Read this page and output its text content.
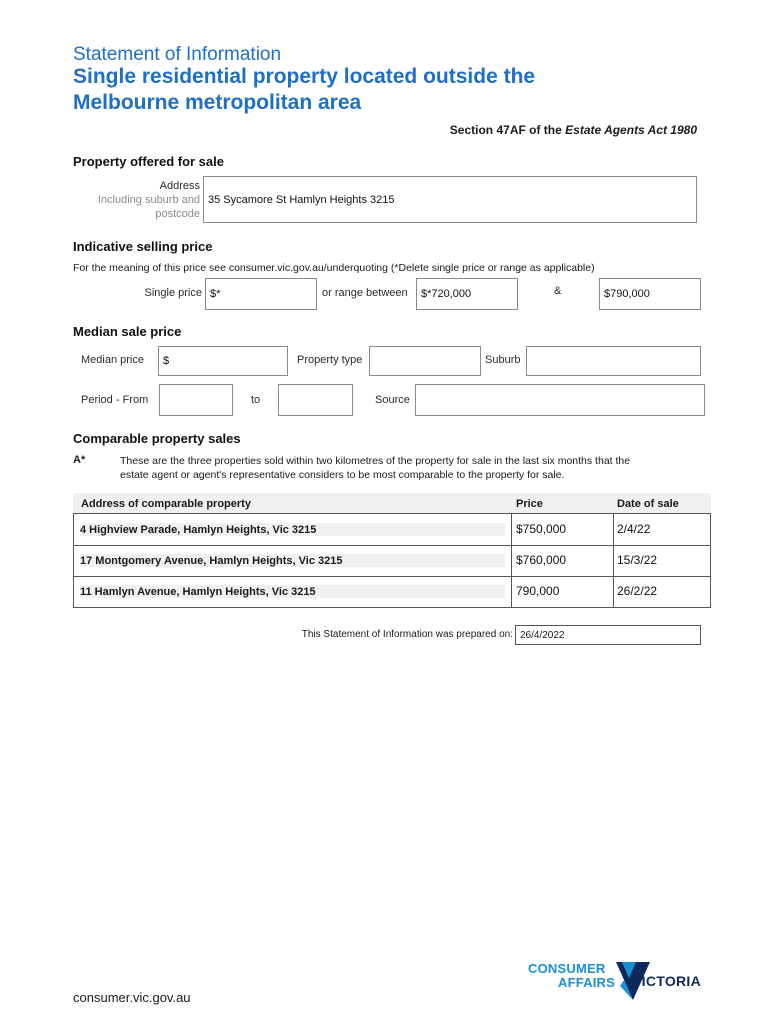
Statement of Information
Single residential property located outside the
Melbourne metropolitan area
Section 47AF of the Estate Agents Act 1980
Property offered for sale
Address
Including suburb and
postcode
35 Sycamore St Hamlyn Heights 3215
Indicative selling price
For the meaning of this price see consumer.vic.gov.au/underquoting (*Delete single price or range as applicable)
Single price $*	or range between $*720,000	&	$790,000
Median sale price
Median price $	Property type	Suburb
Period - From	to	Source
Comparable property sales
A*	These are the three properties sold within two kilometres of the property for sale in the last six months that the
estate agent or agent's representative considers to be most comparable to the property for sale.
Address of comparable property	Price	Date of sale
4 Highview Parade, Hamlyn Heights, Vic 3215	$750,000	2/4/22
17 Montgomery Avenue, Hamlyn Heights, Vic 3215	$760,000	15/3/22
11 Hamlyn Avenue, Hamlyn Heights, Vic 3215	790,000	26/2/22
This Statement of Information was prepared on: 26/4/2022
consumer.vic.gov.au
CONSUMER
AFFAIRS VICTORIA
